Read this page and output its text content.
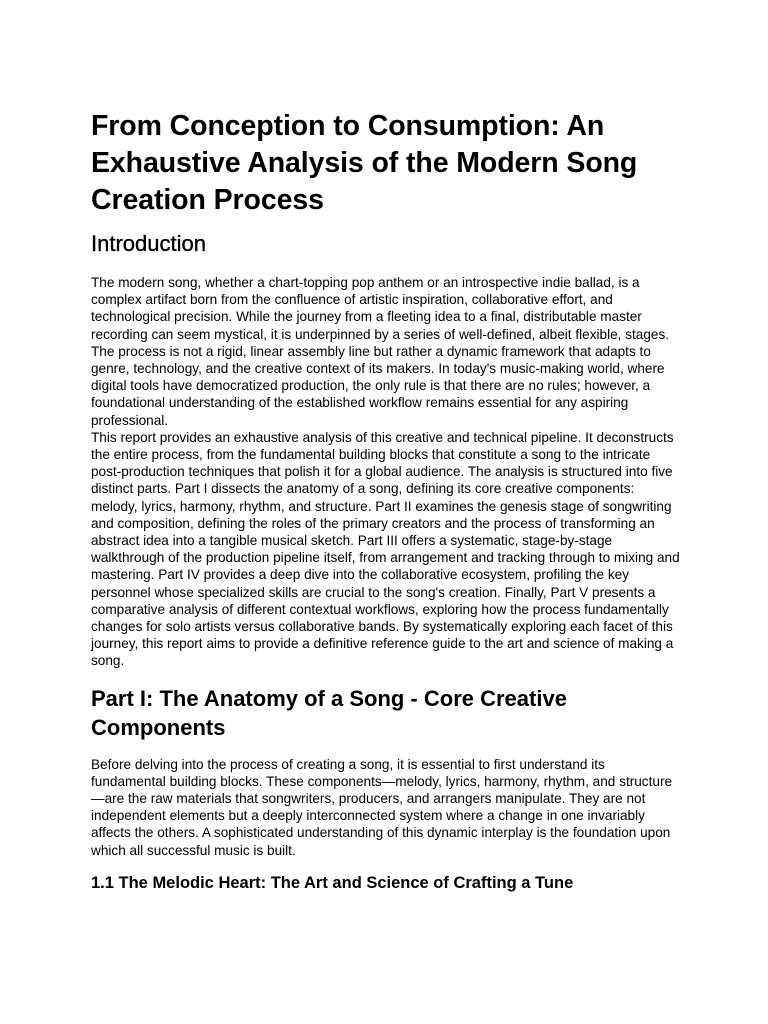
From Conception to Consumption: An Exhaustive Analysis of the Modern Song Creation Process
Introduction

The modern song, whether a chart-topping pop anthem or an introspective indie ballad, is a complex artifact born from the confluence of artistic inspiration, collaborative effort, and technological precision. While the journey from a fleeting idea to a final, distributable master recording can seem mystical, it is underpinned by a series of well-defined, albeit flexible, stages. The process is not a rigid, linear assembly line but rather a dynamic framework that adapts to genre, technology, and the creative context of its makers. In today's music-making world, where digital tools have democratized production, the only rule is that there are no rules; however, a foundational understanding of the established workflow remains essential for any aspiring professional.

This report provides an exhaustive analysis of this creative and technical pipeline. It deconstructs the entire process, from the fundamental building blocks that constitute a song to the intricate post-production techniques that polish it for a global audience. The analysis is structured into five distinct parts. Part I dissects the anatomy of a song, defining its core creative components: melody, lyrics, harmony, rhythm, and structure. Part II examines the genesis stage of songwriting and composition, defining the roles of the primary creators and the process of transforming an abstract idea into a tangible musical sketch. Part III offers a systematic, stage-by-stage walkthrough of the production pipeline itself, from arrangement and tracking through to mixing and mastering. Part IV provides a deep dive into the collaborative ecosystem, profiling the key personnel whose specialized skills are crucial to the song's creation. Finally, Part V presents a comparative analysis of different contextual workflows, exploring how the process fundamentally changes for solo artists versus collaborative bands. By systematically exploring each facet of this journey, this report aims to provide a definitive reference guide to the art and science of making a song.

Part I: The Anatomy of a Song - Core Creative Components

Before delving into the process of creating a song, it is essential to first understand its fundamental building blocks. These components—melody, lyrics, harmony, rhythm, and structure—are the raw materials that songwriters, producers, and arrangers manipulate. They are not independent elements but a deeply interconnected system where a change in one invariably affects the others. A sophisticated understanding of this dynamic interplay is the foundation upon which all successful music is built.

1.1 The Melodic Heart: The Art and Science of Crafting a Tune
